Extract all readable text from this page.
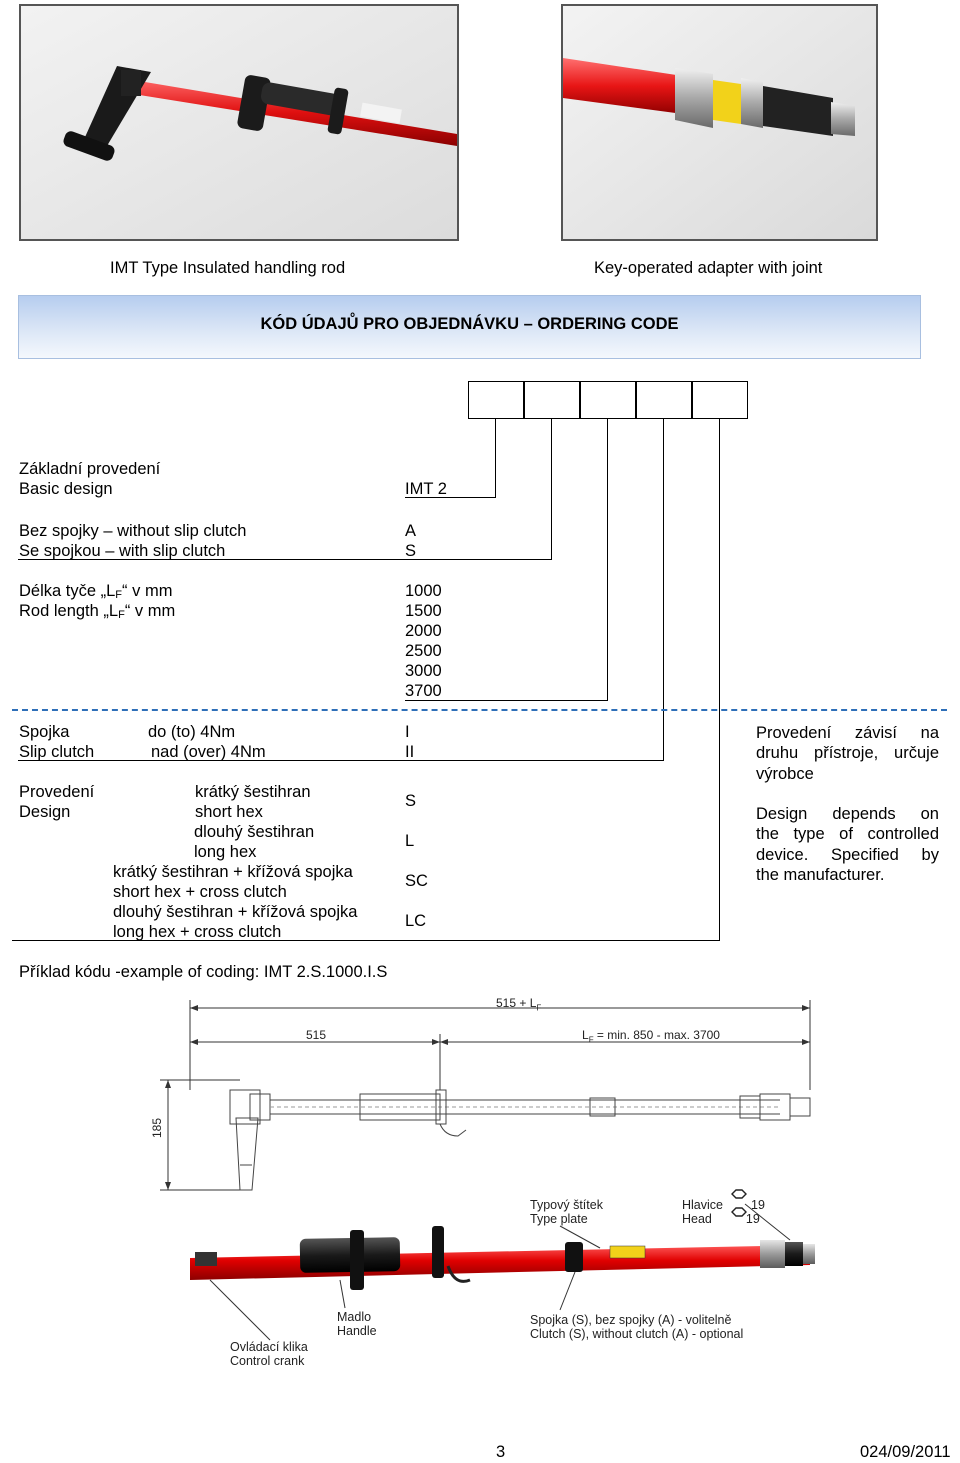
IMT Type Insulated handling rod	Key-operated adapter with joint
KÓD ÚDAJŮ PRO OBJEDNÁVKU – ORDERING CODE
Základní provedení
Basic design	IMT 2
Bez spojky – without slip clutch	A
Se spojkou – with slip clutch	S
Délka tyče $„L_F“$ v mm
Rod length $„L_F“$ v mm
1000
1500
2000
2500
3000
3700
Spojka	do (to) 4Nm	I
Slip clutch	nad (over) 4Nm	II
Provedení
Design
krátký šestihran
short hex
S
dlouhý šestihran
long hex
L
krátký šestihran + křížová spojka
short hex + cross clutch
SC
dlouhý šestihran + křížová spojka
long hex + cross clutch
LC
Provedení závisí na
druhu přístroje, určuje
výrobce
Design depends on
the type of controlled
device. Specified by
the manufacturer.
Příklad kódu -example of coding: IMT 2.S.1000.I.S
$515 + L_F$
515	$L_F = \min$. 850 - max. 3700
185
Typový štítek
Type plate
Hlavice 19
Head	19
Madlo
Handle
Ovládací klika
Control crank
Spojka (S), bez spojky (A) - volitelně
Clutch (S), without clutch (A) - optional
3	024/09/2011
